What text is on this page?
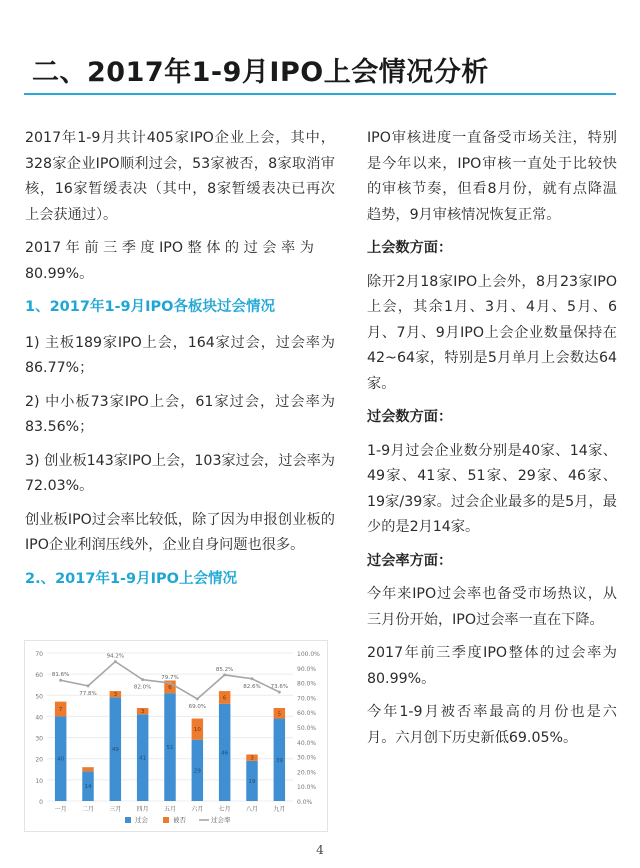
二、2017年1-9月IPO上会情况分析

2017年1-9月共计405家IPO企业上会，其中，328家企业IPO顺利过会，53家被否，8家取消审核，16家暂缓表决（其中，8家暂缓表决已再次上会获通过）。

2017 年 前 三 季 度 IPO 整 体 的 过 会 率 为 80.99%。

1、2017年1-9月IPO各板块过会情况

1) 主板189家IPO上会，164家过会，过会率为86.77%；

2) 中小板73家IPO上会，61家过会，过会率为83.56%；

3) 创业板143家IPO上会，103家过会，过会率为72.03%。

创业板IPO过会率比较低，除了因为申报创业板的IPO企业利润压线外，企业自身问题也很多。

2.、2017年1-9月IPO上会情况
70
60
50
40
30
20
10
0
100.0%
90.0%
80.0%
70.0%
60.0%
50.0%
40.0%
30.0%
20.0%
10.0%
0.0%
40
7
一月
14
二月
49
3
三月
41
3
四月
51
6
五月
29
10
六月
46
6
七月
19
3
八月
39
5
九月
81.6%
77.8%
94.2%
82.0%
79.7%
69.0%
85.2%
82.6% 73.6%
过会	被否	过会率

IPO审核进度一直备受市场关注，特别是今年以来，IPO审核一直处于比较快的审核节奏，但看8月份，就有点降温趋势，9月审核情况恢复正常。

上会数方面：

除开2月18家IPO上会外，8月23家IPO上会，其余1月、3月、4月、5月、6月、7月、9月IPO上会企业数量保持在42~64家，特别是5月单月上会数达64家。

过会数方面：

1-9月过会企业数分别是40家、14家、49家、41家、51家、29家、46家、19家/39家。过会企业最多的是5月，最少的是2月14家。

过会率方面：

今年来IPO过会率也备受市场热议，从三月份开始，IPO过会率一直在下降。

2017年前三季度IPO整体的过会率为80.99%。

今年1-9月被否率最高的月份也是六月。六月创下历史新低69.05%。

4
